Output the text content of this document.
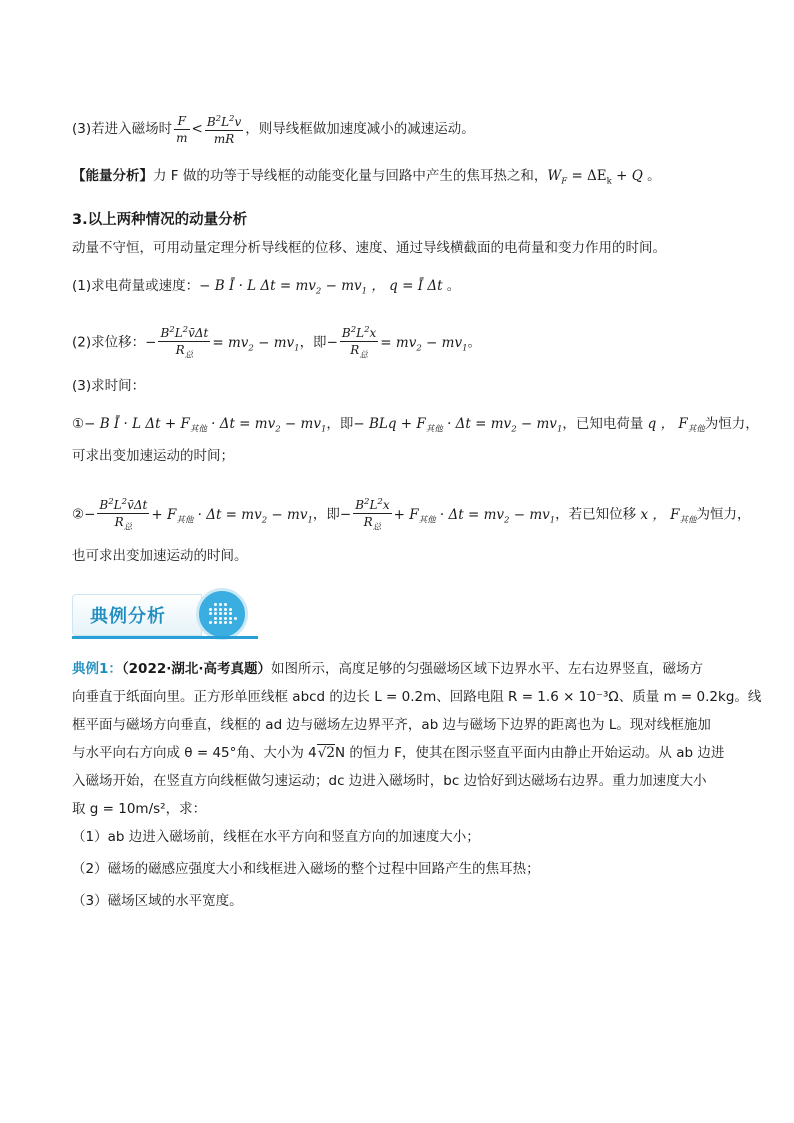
(3)若进入磁场时 $\frac{F}{m} < \frac{B^2L^2v}{mR}$ ，则导线框做加速度减小的减速运动。
【能量分析】力 F 做的功等于导线框的动能变化量与回路中产生的焦耳热之和，$W_F = \Delta E_k + Q$ 。
3.以上两种情况的动量分析
动量不守恒，可用动量定理分析导线框的位移、速度、通过导线横截面的电荷量和变力作用的时间。
(1)求电荷量或速度：− B Ī · L $\Delta t = mv_2 - mv_1$ ， q = Ī Δt 。
(2)求位移：− $\frac{B^2L^2v̄\Delta t}{R_总} = mv_2 - mv_1$，即− $\frac{B^2L^2x}{R_总} = mv_2 - mv_1$。
(3)求时间：
①− B Ī · L $\Delta t + F_{其他} \cdot \Delta t = mv_2 - mv_1$，即− BLq + $F_{其他} \cdot \Delta t = mv_2 - mv_1$，已知电荷量 q ， $F_{其他}$为恒力，
可求出变加速运动的时间；
②− $\frac{B^2L^2v̄\Delta t}{R_总} + F_{其他} \cdot \Delta t = mv_2 - mv_1$，即− $\frac{B^2L^2x}{R_总} + F_{其他} \cdot \Delta t = mv_2 - mv_1$，若已知位移 x ， $F_{其他}$为恒力，
也可求出变加速运动的时间。
典例分析
典例1：（2022·湖北·高考真题）如图所示，高度足够的匀强磁场区域下边界水平、左右边界竖直，磁场方
向垂直于纸面向里。正方形单匝线框 abcd 的边长 L = 0.2m、回路电阻 R = 1.6 × 10⁻³Ω、质量 m = 0.2kg。线
框平面与磁场方向垂直，线框的 ad 边与磁场左边界平齐，ab 边与磁场下边界的距离也为 L。现对线框施加
与水平向右方向成 θ = 45°角、大小为 4√2N 的恒力 F，使其在图示竖直平面内由静止开始运动。从 ab 边进
入磁场开始，在竖直方向线框做匀速运动；dc 边进入磁场时，bc 边恰好到达磁场右边界。重力加速度大小
取 g = 10m/s²，求：
（1）ab 边进入磁场前，线框在水平方向和竖直方向的加速度大小；
（2）磁场的磁感应强度大小和线框进入磁场的整个过程中回路产生的焦耳热；
（3）磁场区域的水平宽度。
